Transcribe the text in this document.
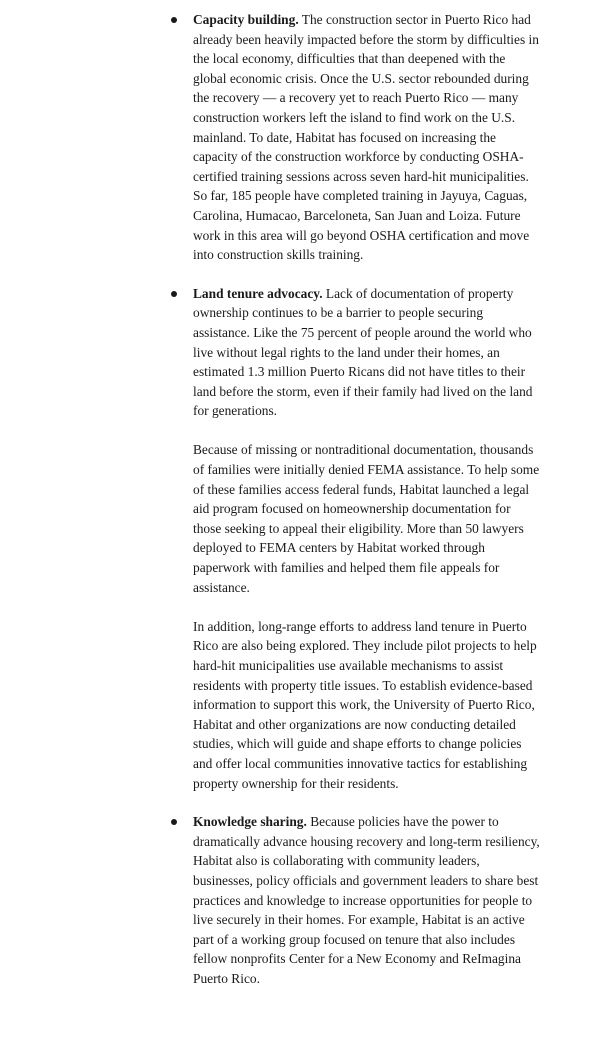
Capacity building. The construction sector in Puerto Rico had already been heavily impacted before the storm by difficulties in the local economy, difficulties that than deepened with the global economic crisis. Once the U.S. sector rebounded during the recovery — a recovery yet to reach Puerto Rico — many construction workers left the island to find work on the U.S. mainland. To date, Habitat has focused on increasing the capacity of the construction workforce by conducting OSHA-certified training sessions across seven hard-hit municipalities. So far, 185 people have completed training in Jayuya, Caguas, Carolina, Humacao, Barceloneta, San Juan and Loiza. Future work in this area will go beyond OSHA certification and move into construction skills training.

Land tenure advocacy. Lack of documentation of property ownership continues to be a barrier to people securing assistance. Like the 75 percent of people around the world who live without legal rights to the land under their homes, an estimated 1.3 million Puerto Ricans did not have titles to their land before the storm, even if their family had lived on the land for generations.

Because of missing or nontraditional documentation, thousands of families were initially denied FEMA assistance. To help some of these families access federal funds, Habitat launched a legal aid program focused on homeownership documentation for those seeking to appeal their eligibility. More than 50 lawyers deployed to FEMA centers by Habitat worked through paperwork with families and helped them file appeals for assistance.

In addition, long-range efforts to address land tenure in Puerto Rico are also being explored. They include pilot projects to help hard-hit municipalities use available mechanisms to assist residents with property title issues. To establish evidence-based information to support this work, the University of Puerto Rico, Habitat and other organizations are now conducting detailed studies, which will guide and shape efforts to change policies and offer local communities innovative tactics for establishing property ownership for their residents.

Knowledge sharing. Because policies have the power to dramatically advance housing recovery and long-term resiliency, Habitat also is collaborating with community leaders, businesses, policy officials and government leaders to share best practices and knowledge to increase opportunities for people to live securely in their homes. For example, Habitat is an active part of a working group focused on tenure that also includes fellow nonprofits Center for a New Economy and ReImagina Puerto Rico.
